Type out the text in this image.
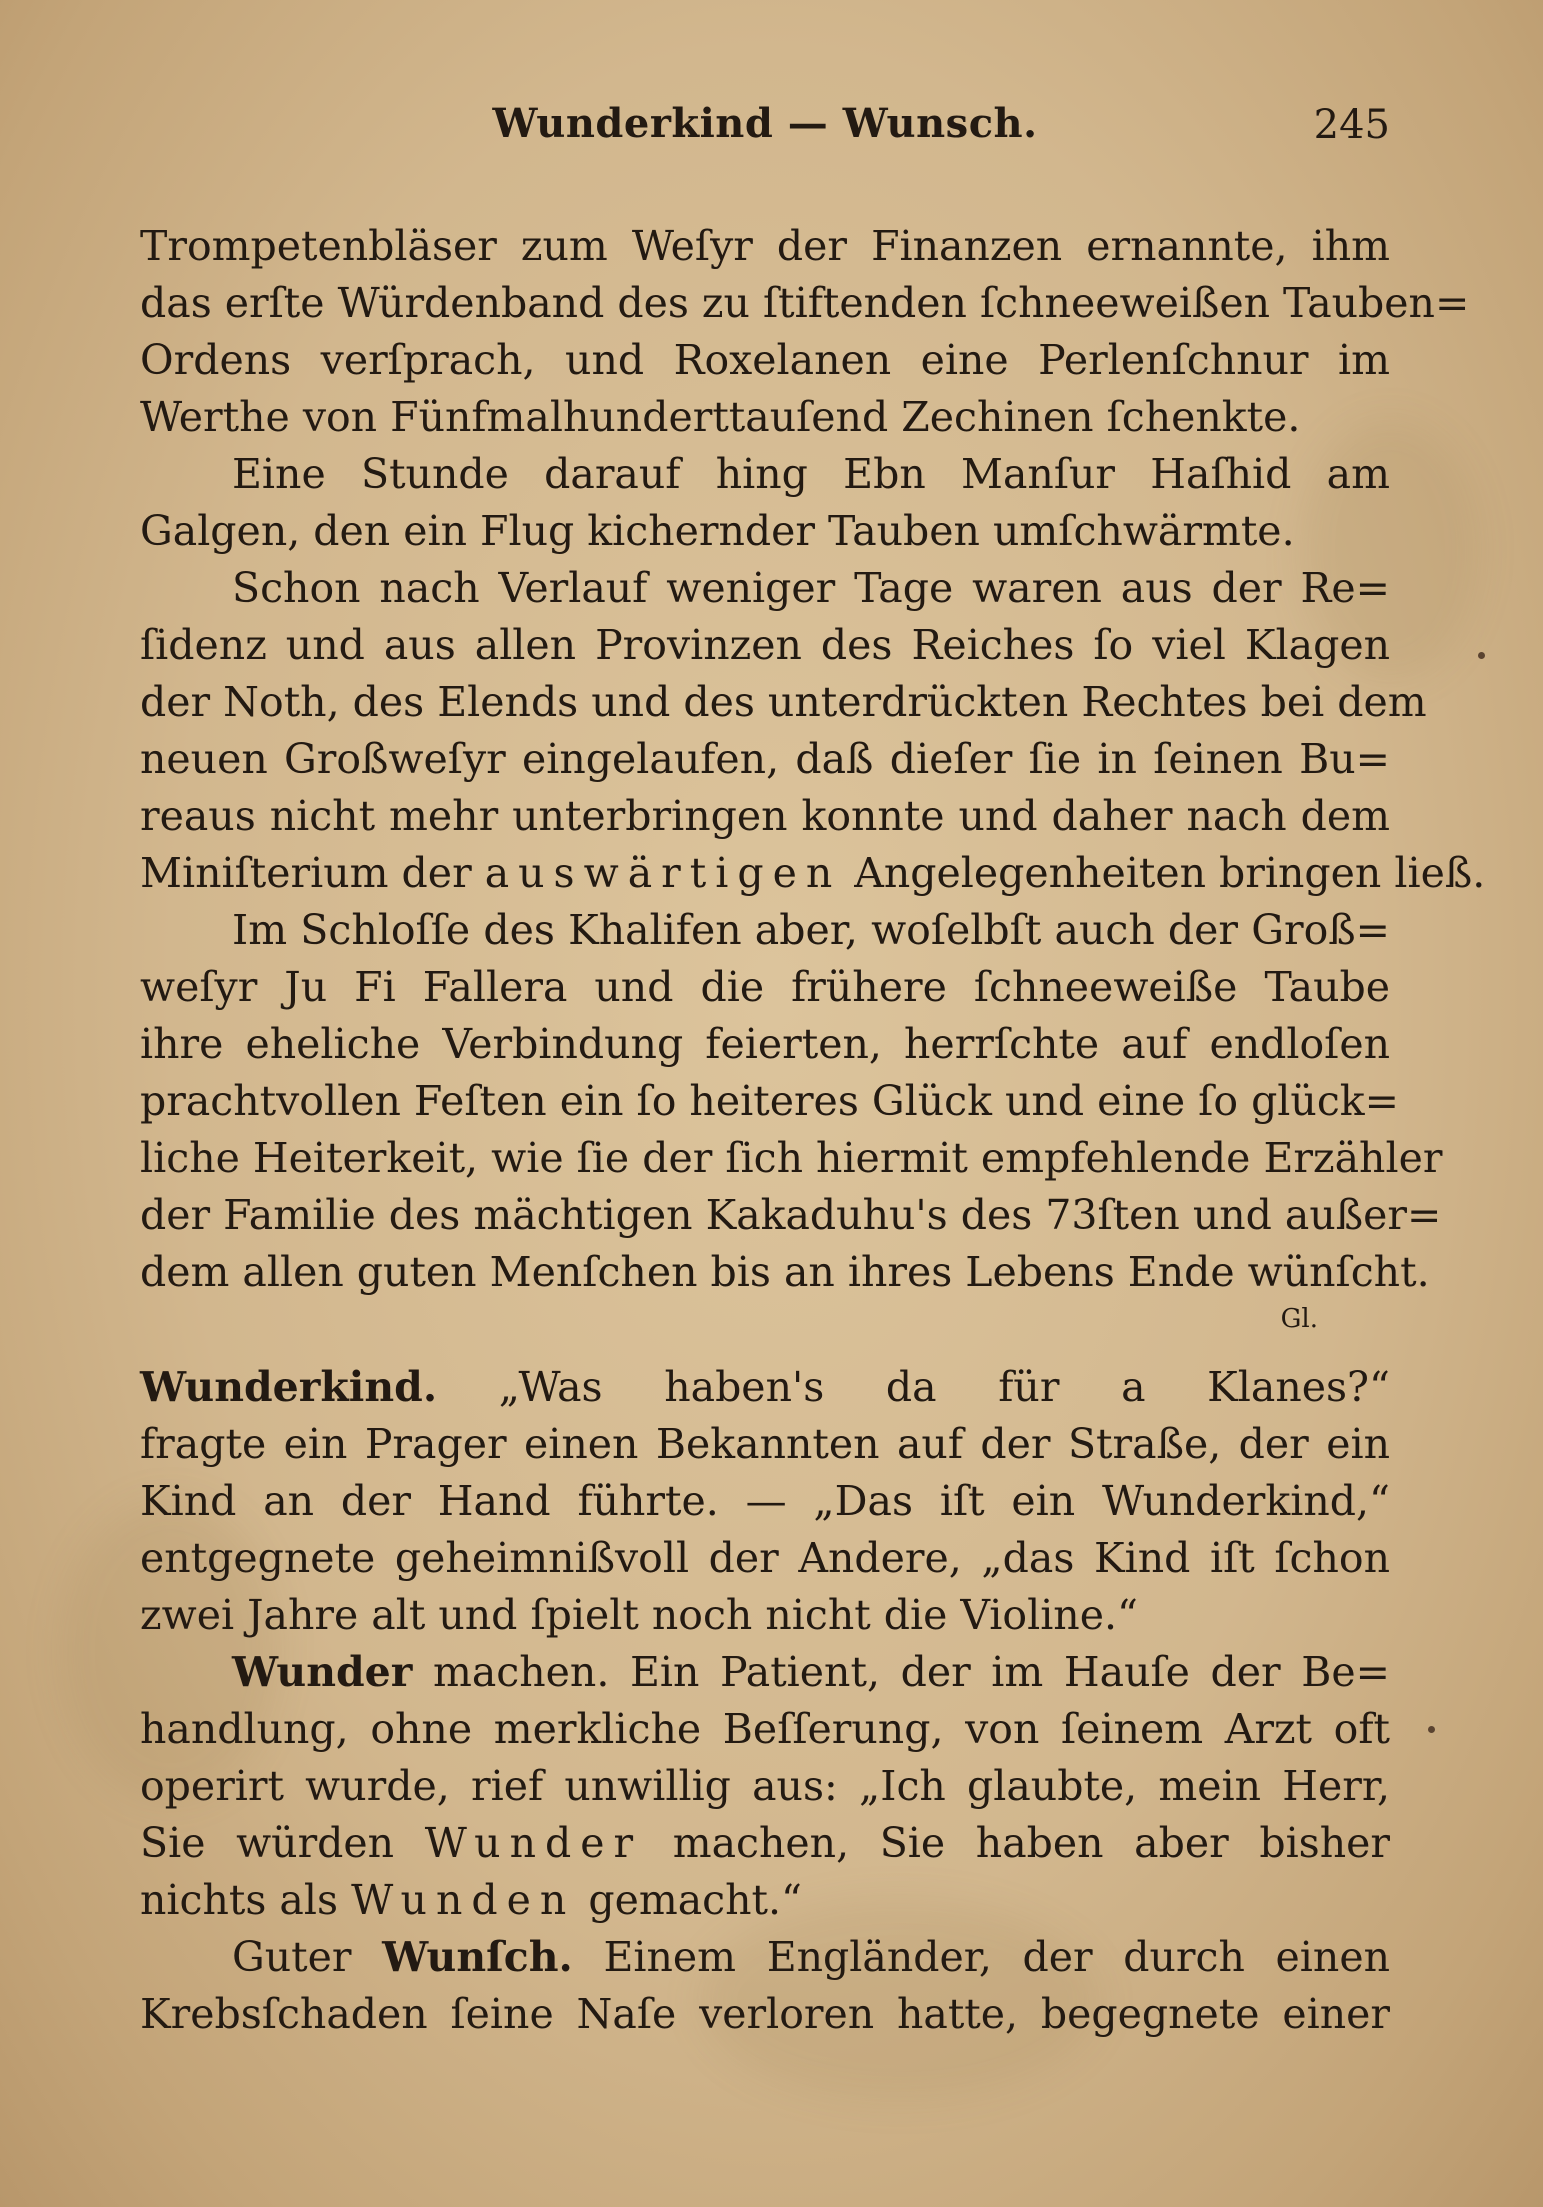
Wunderkind — Wunsch.	245
Trompetenbläser zum Weſyr der Finanzen ernannte, ihm
das erſte Würdenband des zu ſtiftenden ſchneeweißen Tauben=
Ordens verſprach, und Roxelanen eine Perlenſchnur im
Werthe von Fünfmalhunderttauſend Zechinen ſchenkte.
Eine Stunde darauf hing Ebn Manſur Haſhid am
Galgen, den ein Flug kichernder Tauben umſchwärmte.
Schon nach Verlauf weniger Tage waren aus der Re=
ſidenz und aus allen Provinzen des Reiches ſo viel Klagen
der Noth, des Elends und des unterdrückten Rechtes bei dem
neuen Großweſyr eingelaufen, daß dieſer ſie in ſeinen Bu=
reaus nicht mehr unterbringen konnte und daher nach dem
Miniſterium der auswärtigen Angelegenheiten bringen ließ.
Im Schloſſe des Khalifen aber, woſelbſt auch der Groß=
weſyr Ju Fi Fallera und die frühere ſchneeweiße Taube
ihre eheliche Verbindung feierten, herrſchte auf endloſen
prachtvollen Feſten ein ſo heiteres Glück und eine ſo glück=
liche Heiterkeit, wie ſie der ſich hiermit empfehlende Erzähler
der Familie des mächtigen Kakaduhu's des 73ſten und außer=
dem allen guten Menſchen bis an ihres Lebens Ende wünſcht.
Gl.
Wunderkind. „Was haben's da für a Klanes?“
fragte ein Prager einen Bekannten auf der Straße, der ein
Kind an der Hand führte. — „Das iſt ein Wunderkind,“
entgegnete geheimnißvoll der Andere, „das Kind iſt ſchon
zwei Jahre alt und ſpielt noch nicht die Violine.“
Wunder machen. Ein Patient, der im Hauſe der Be=
handlung, ohne merkliche Beſſerung, von ſeinem Arzt oft
operirt wurde, rief unwillig aus: „Ich glaubte, mein Herr,
Sie würden Wunder machen, Sie haben aber bisher
nichts als Wunden gemacht.“
Guter Wunſch. Einem Engländer, der durch einen
Krebsſchaden ſeine Naſe verloren hatte, begegnete einer
